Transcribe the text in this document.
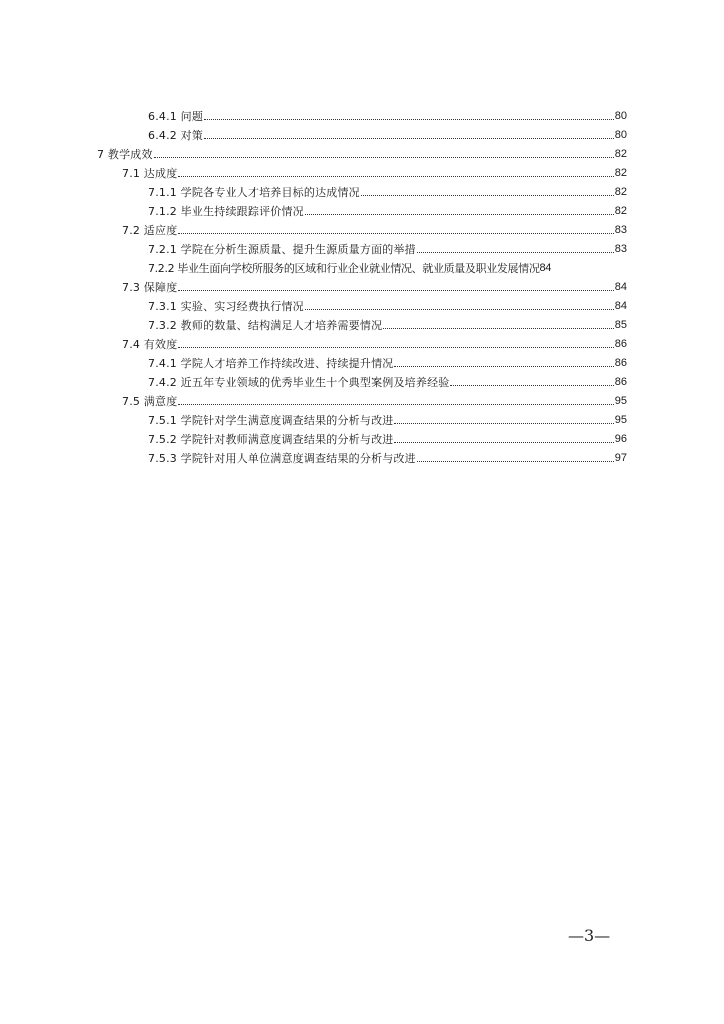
6.4.1 问题	80
6.4.2 对策	80
7 教学成效	82
7.1 达成度	82
7.1.1 学院各专业人才培养目标的达成情况	82
7.1.2 毕业生持续跟踪评价情况	82
7.2 适应度	83
7.2.1 学院在分析生源质量、提升生源质量方面的举措	83
7.2.2 毕业生面向学校所服务的区域和行业企业就业情况、就业质量及职业发展情况 84
7.3 保障度	84
7.3.1 实验、实习经费执行情况	84
7.3.2 教师的数量、结构满足人才培养需要情况	85
7.4 有效度	86
7.4.1 学院人才培养工作持续改进、持续提升情况	86
7.4.2 近五年专业领域的优秀毕业生十个典型案例及培养经验	86
7.5 满意度	95
7.5.1 学院针对学生满意度调查结果的分析与改进	95
7.5.2 学院针对教师满意度调查结果的分析与改进	96
7.5.3 学院针对用人单位满意度调查结果的分析与改进	97
—3—
